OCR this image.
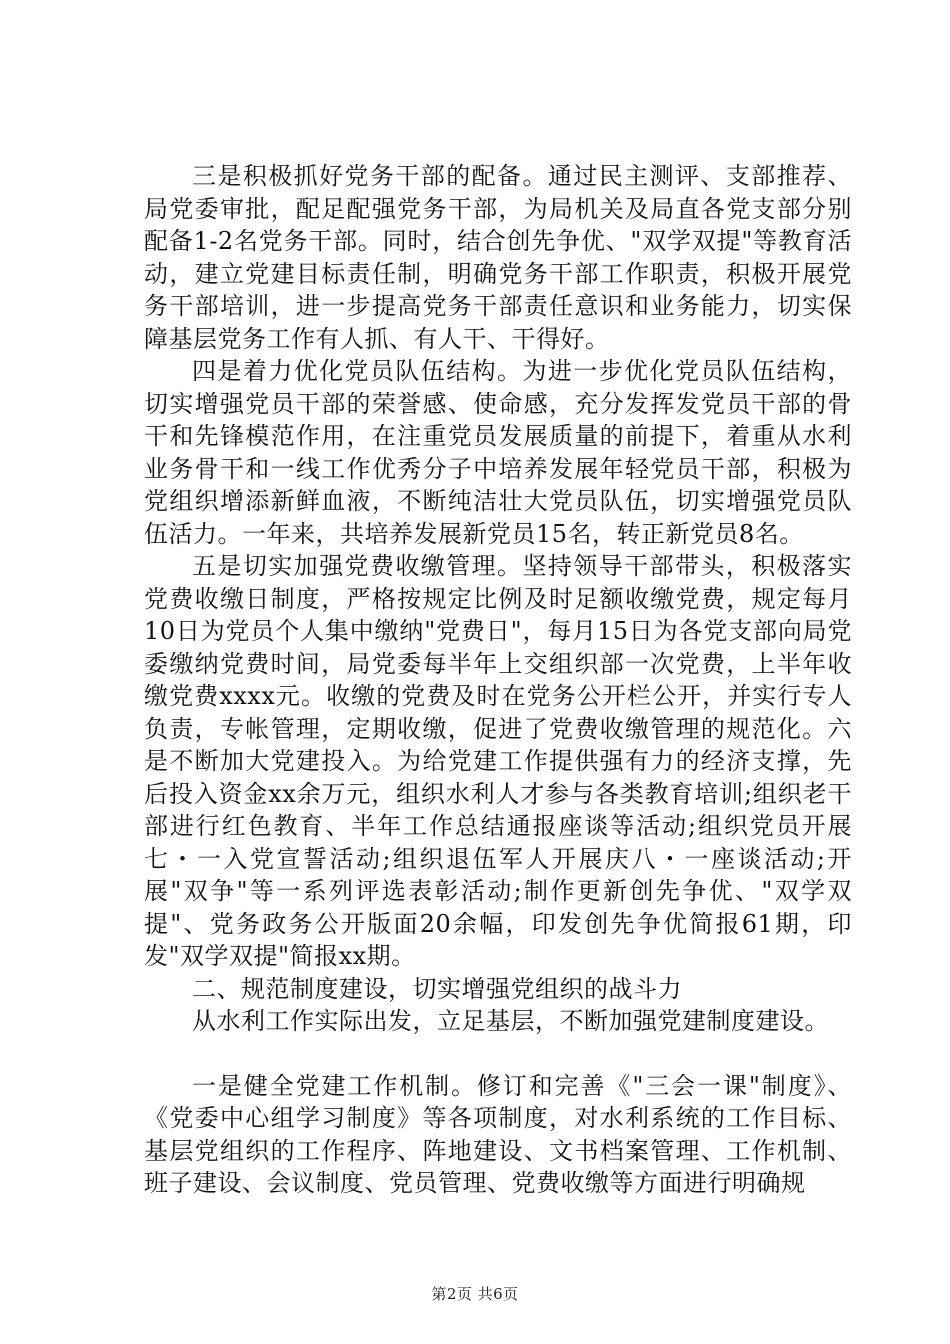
三是积极抓好党务干部的配备。通过民主测评、支部推荐、局党委审批，配足配强党务干部，为局机关及局直各党支部分别配备1-2名党务干部。同时，结合创先争优、"双学双提"等教育活动，建立党建目标责任制，明确党务干部工作职责，积极开展党务干部培训，进一步提高党务干部责任意识和业务能力，切实保障基层党务工作有人抓、有人干、干得好。

四是着力优化党员队伍结构。为进一步优化党员队伍结构，切实增强党员干部的荣誉感、使命感，充分发挥发党员干部的骨干和先锋模范作用，在注重党员发展质量的前提下，着重从水利业务骨干和一线工作优秀分子中培养发展年轻党员干部，积极为党组织增添新鲜血液，不断纯洁壮大党员队伍，切实增强党员队伍活力。一年来，共培养发展新党员15名，转正新党员8名。

五是切实加强党费收缴管理。坚持领导干部带头，积极落实党费收缴日制度，严格按规定比例及时足额收缴党费，规定每月10日为党员个人集中缴纳"党费日"，每月15日为各党支部向局党委缴纳党费时间，局党委每半年上交组织部一次党费，上半年收缴党费xxxx元。收缴的党费及时在党务公开栏公开，并实行专人负责，专帐管理，定期收缴，促进了党费收缴管理的规范化。六是不断加大党建投入。为给党建工作提供强有力的经济支撑，先后投入资金xx余万元，组织水利人才参与各类教育培训;组织老干部进行红色教育、半年工作总结通报座谈等活动;组织党员开展七・一入党宣誓活动;组织退伍军人开展庆八・一座谈活动;开展"双争"等一系列评选表彰活动;制作更新创先争优、"双学双提"、党务政务公开版面20余幅，印发创先争优简报61期，印发"双学双提"简报xx期。

二、规范制度建设，切实增强党组织的战斗力

从水利工作实际出发，立足基层，不断加强党建制度建设。

一是健全党建工作机制。修订和完善《"三会一课"制度》、《党委中心组学习制度》等各项制度，对水利系统的工作目标、基层党组织的工作程序、阵地建设、文书档案管理、工作机制、班子建设、会议制度、党员管理、党费收缴等方面进行明确规

第2页 共6页
